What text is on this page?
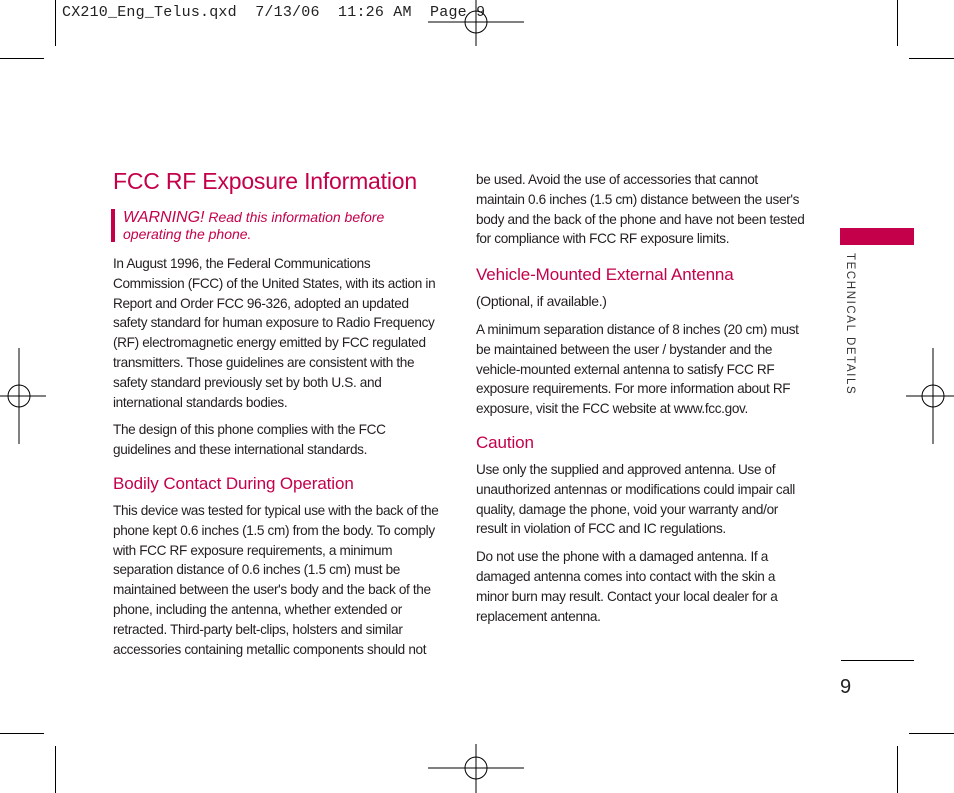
CX210_Eng_Telus.qxd  7/13/06  11:26 AM  Page 9
FCC RF Exposure Information
WARNING! Read this information before operating the phone.

In August 1996, the Federal Communications Commission (FCC) of the United States, with its action in Report and Order FCC 96-326, adopted an updated safety standard for human exposure to Radio Frequency (RF) electromagnetic energy emitted by FCC regulated transmitters. Those guidelines are consistent with the safety standard previously set by both U.S. and international standards bodies.

The design of this phone complies with the FCC guidelines and these international standards.

Bodily Contact During Operation

This device was tested for typical use with the back of the phone kept 0.6 inches (1.5 cm) from the body. To comply with FCC RF exposure requirements, a minimum separation distance of 0.6 inches (1.5 cm) must be maintained between the user's body and the back of the phone, including the antenna, whether extended or retracted. Third-party belt-clips, holsters and similar accessories containing metallic components should not

be used. Avoid the use of accessories that cannot maintain 0.6 inches (1.5 cm) distance between the user's body and the back of the phone and have not been tested for compliance with FCC RF exposure limits.

Vehicle-Mounted External Antenna

(Optional, if available.)

A minimum separation distance of 8 inches (20 cm) must be maintained between the user / bystander and the vehicle-mounted external antenna to satisfy FCC RF exposure requirements. For more information about RF exposure, visit the FCC website at www.fcc.gov.

Caution

Use only the supplied and approved antenna. Use of unauthorized antennas or modifications could impair call quality, damage the phone, void your warranty and/or result in violation of FCC and IC regulations.

Do not use the phone with a damaged antenna. If a damaged antenna comes into contact with the skin a minor burn may result. Contact your local dealer for a replacement antenna.

TECHNICAL DETAILS
9
